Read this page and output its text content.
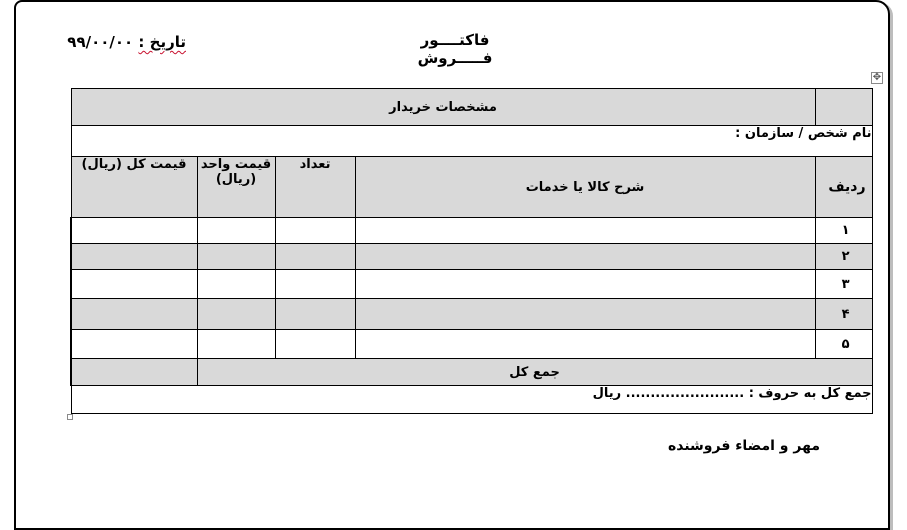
فاکتــــور فـــــروش
تاریخ : ۹۹/۰۰/۰۰
✥
	مشخصات خریدار			
نام شخص / سازمان :				
ردیف	شرح کالا یا خدمات	تعداد	قیمت واحد (ریال)	قیمت کل (ریال)
۱				
۲				
۳				
۴				
۵				
جمع کل				
جمع کل به حروف : ........................ ریال				
مهر و امضاء فروشنده
